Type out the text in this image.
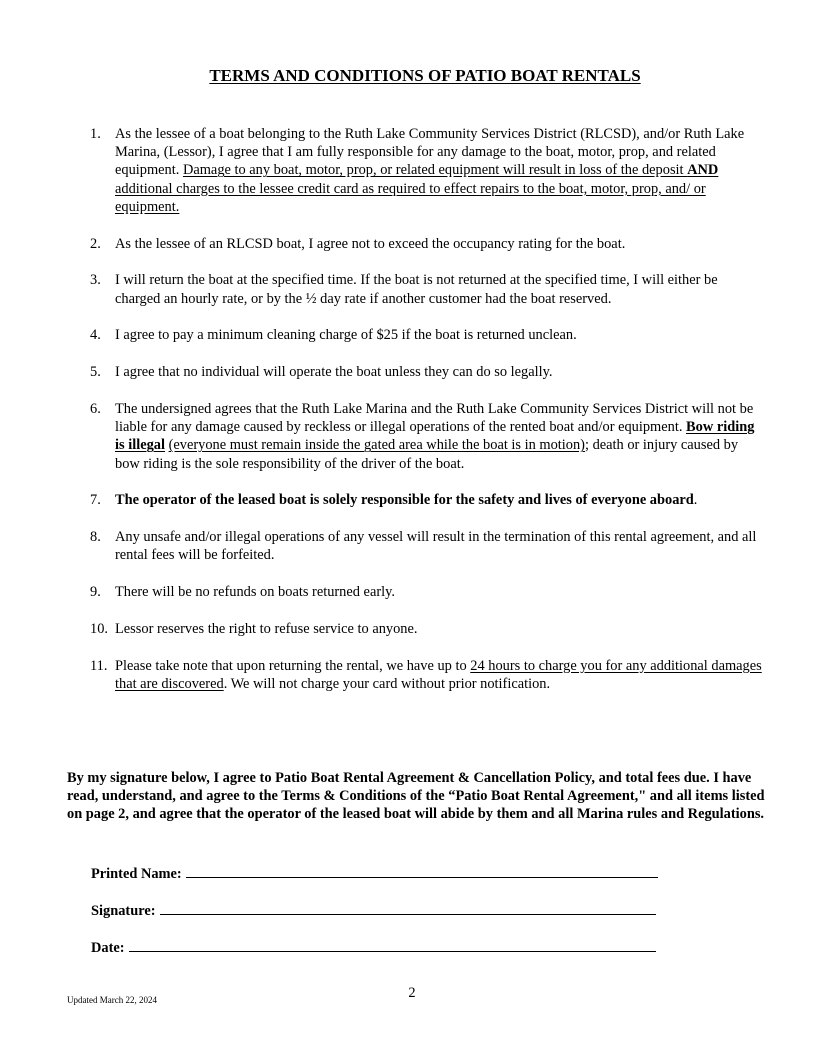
TERMS AND CONDITIONS OF PATIO BOAT RENTALS
1. As the lessee of a boat belonging to the Ruth Lake Community Services District (RLCSD), and/or Ruth Lake Marina, (Lessor), I agree that I am fully responsible for any damage to the boat, motor, prop, and related equipment. Damage to any boat, motor, prop, or related equipment will result in loss of the deposit AND additional charges to the lessee credit card as required to effect repairs to the boat, motor, prop, and/ or equipment.
2. As the lessee of an RLCSD boat, I agree not to exceed the occupancy rating for the boat.
3. I will return the boat at the specified time. If the boat is not returned at the specified time, I will either be charged an hourly rate, or by the ½ day rate if another customer had the boat reserved.
4. I agree to pay a minimum cleaning charge of $25 if the boat is returned unclean.
5. I agree that no individual will operate the boat unless they can do so legally.
6. The undersigned agrees that the Ruth Lake Marina and the Ruth Lake Community Services District will not be liable for any damage caused by reckless or illegal operations of the rented boat and/or equipment. Bow riding is illegal (everyone must remain inside the gated area while the boat is in motion); death or injury caused by bow riding is the sole responsibility of the driver of the boat.
7. The operator of the leased boat is solely responsible for the safety and lives of everyone aboard.
8. Any unsafe and/or illegal operations of any vessel will result in the termination of this rental agreement, and all rental fees will be forfeited.
9. There will be no refunds on boats returned early.
10. Lessor reserves the right to refuse service to anyone.
11. Please take note that upon returning the rental, we have up to 24 hours to charge you for any additional damages that are discovered. We will not charge your card without prior notification.

By my signature below, I agree to Patio Boat Rental Agreement & Cancellation Policy, and total fees due. I have read, understand, and agree to the Terms & Conditions of the “Patio Boat Rental Agreement," and all items listed on page 2, and agree that the operator of the leased boat will abide by them and all Marina rules and Regulations.

Printed Name:
Signature:
Date:
2
Updated March 22, 2024
